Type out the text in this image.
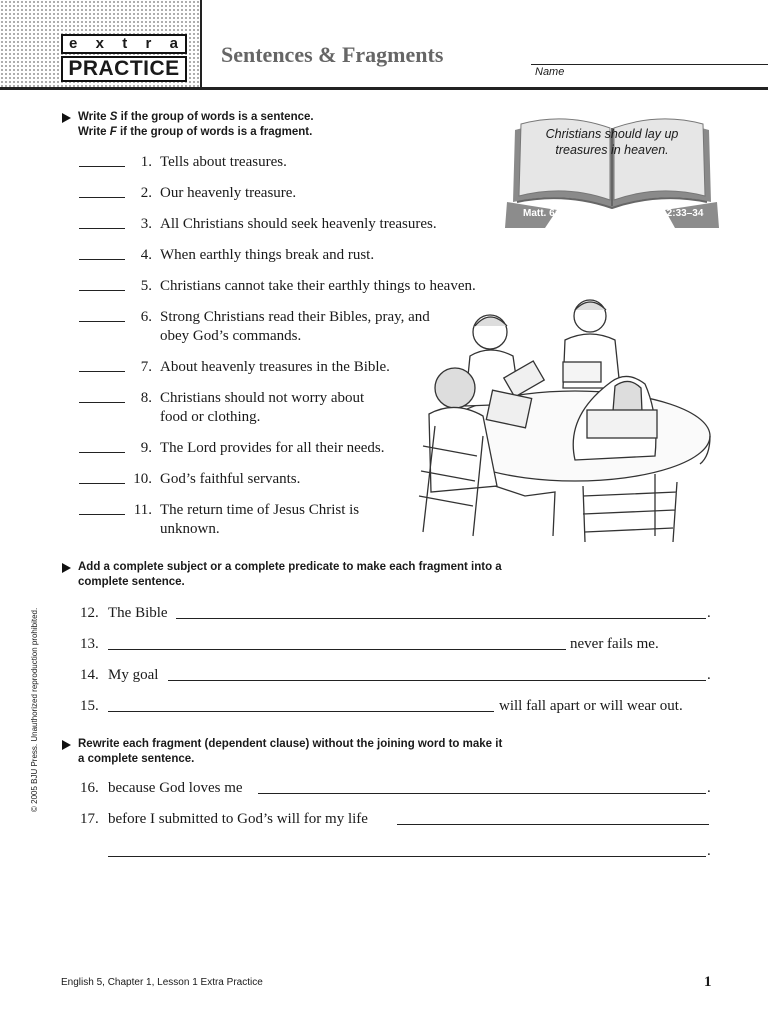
e x t r a
PRACTICE
Sentences & Fragments
Name
Write S if the group of words is a sentence.
Write F if the group of words is a fragment.
1. Tells about treasures.
2. Our heavenly treasure.
3. All Christians should seek heavenly treasures.
4. When earthly things break and rust.
5. Christians cannot take their earthly things to heaven.
6. Strong Christians read their Bibles, pray, and
obey God’s commands.
7. About heavenly treasures in the Bible.
8. Christians should not worry about
food or clothing.
9. The Lord provides for all their needs.
10. God’s faithful servants.
11. The return time of Jesus Christ is
unknown.
Christians should lay up
treasures in heaven.
Matt. 6:20	Luke 12:33–34
Add a complete subject or a complete predicate to make each fragment into a
complete sentence.
12. The Bible	.
13.	never fails me.
14. My goal	.
15.	will fall apart or will wear out.
Rewrite each fragment (dependent clause) without the joining word to make it
a complete sentence.
16. because God loves me	.
17. before I submitted to God’s will for my life
.
English 5, Chapter 1, Lesson 1 Extra Practice	1
© 2005 BJU Press. Unauthorized reproduction prohibited.
